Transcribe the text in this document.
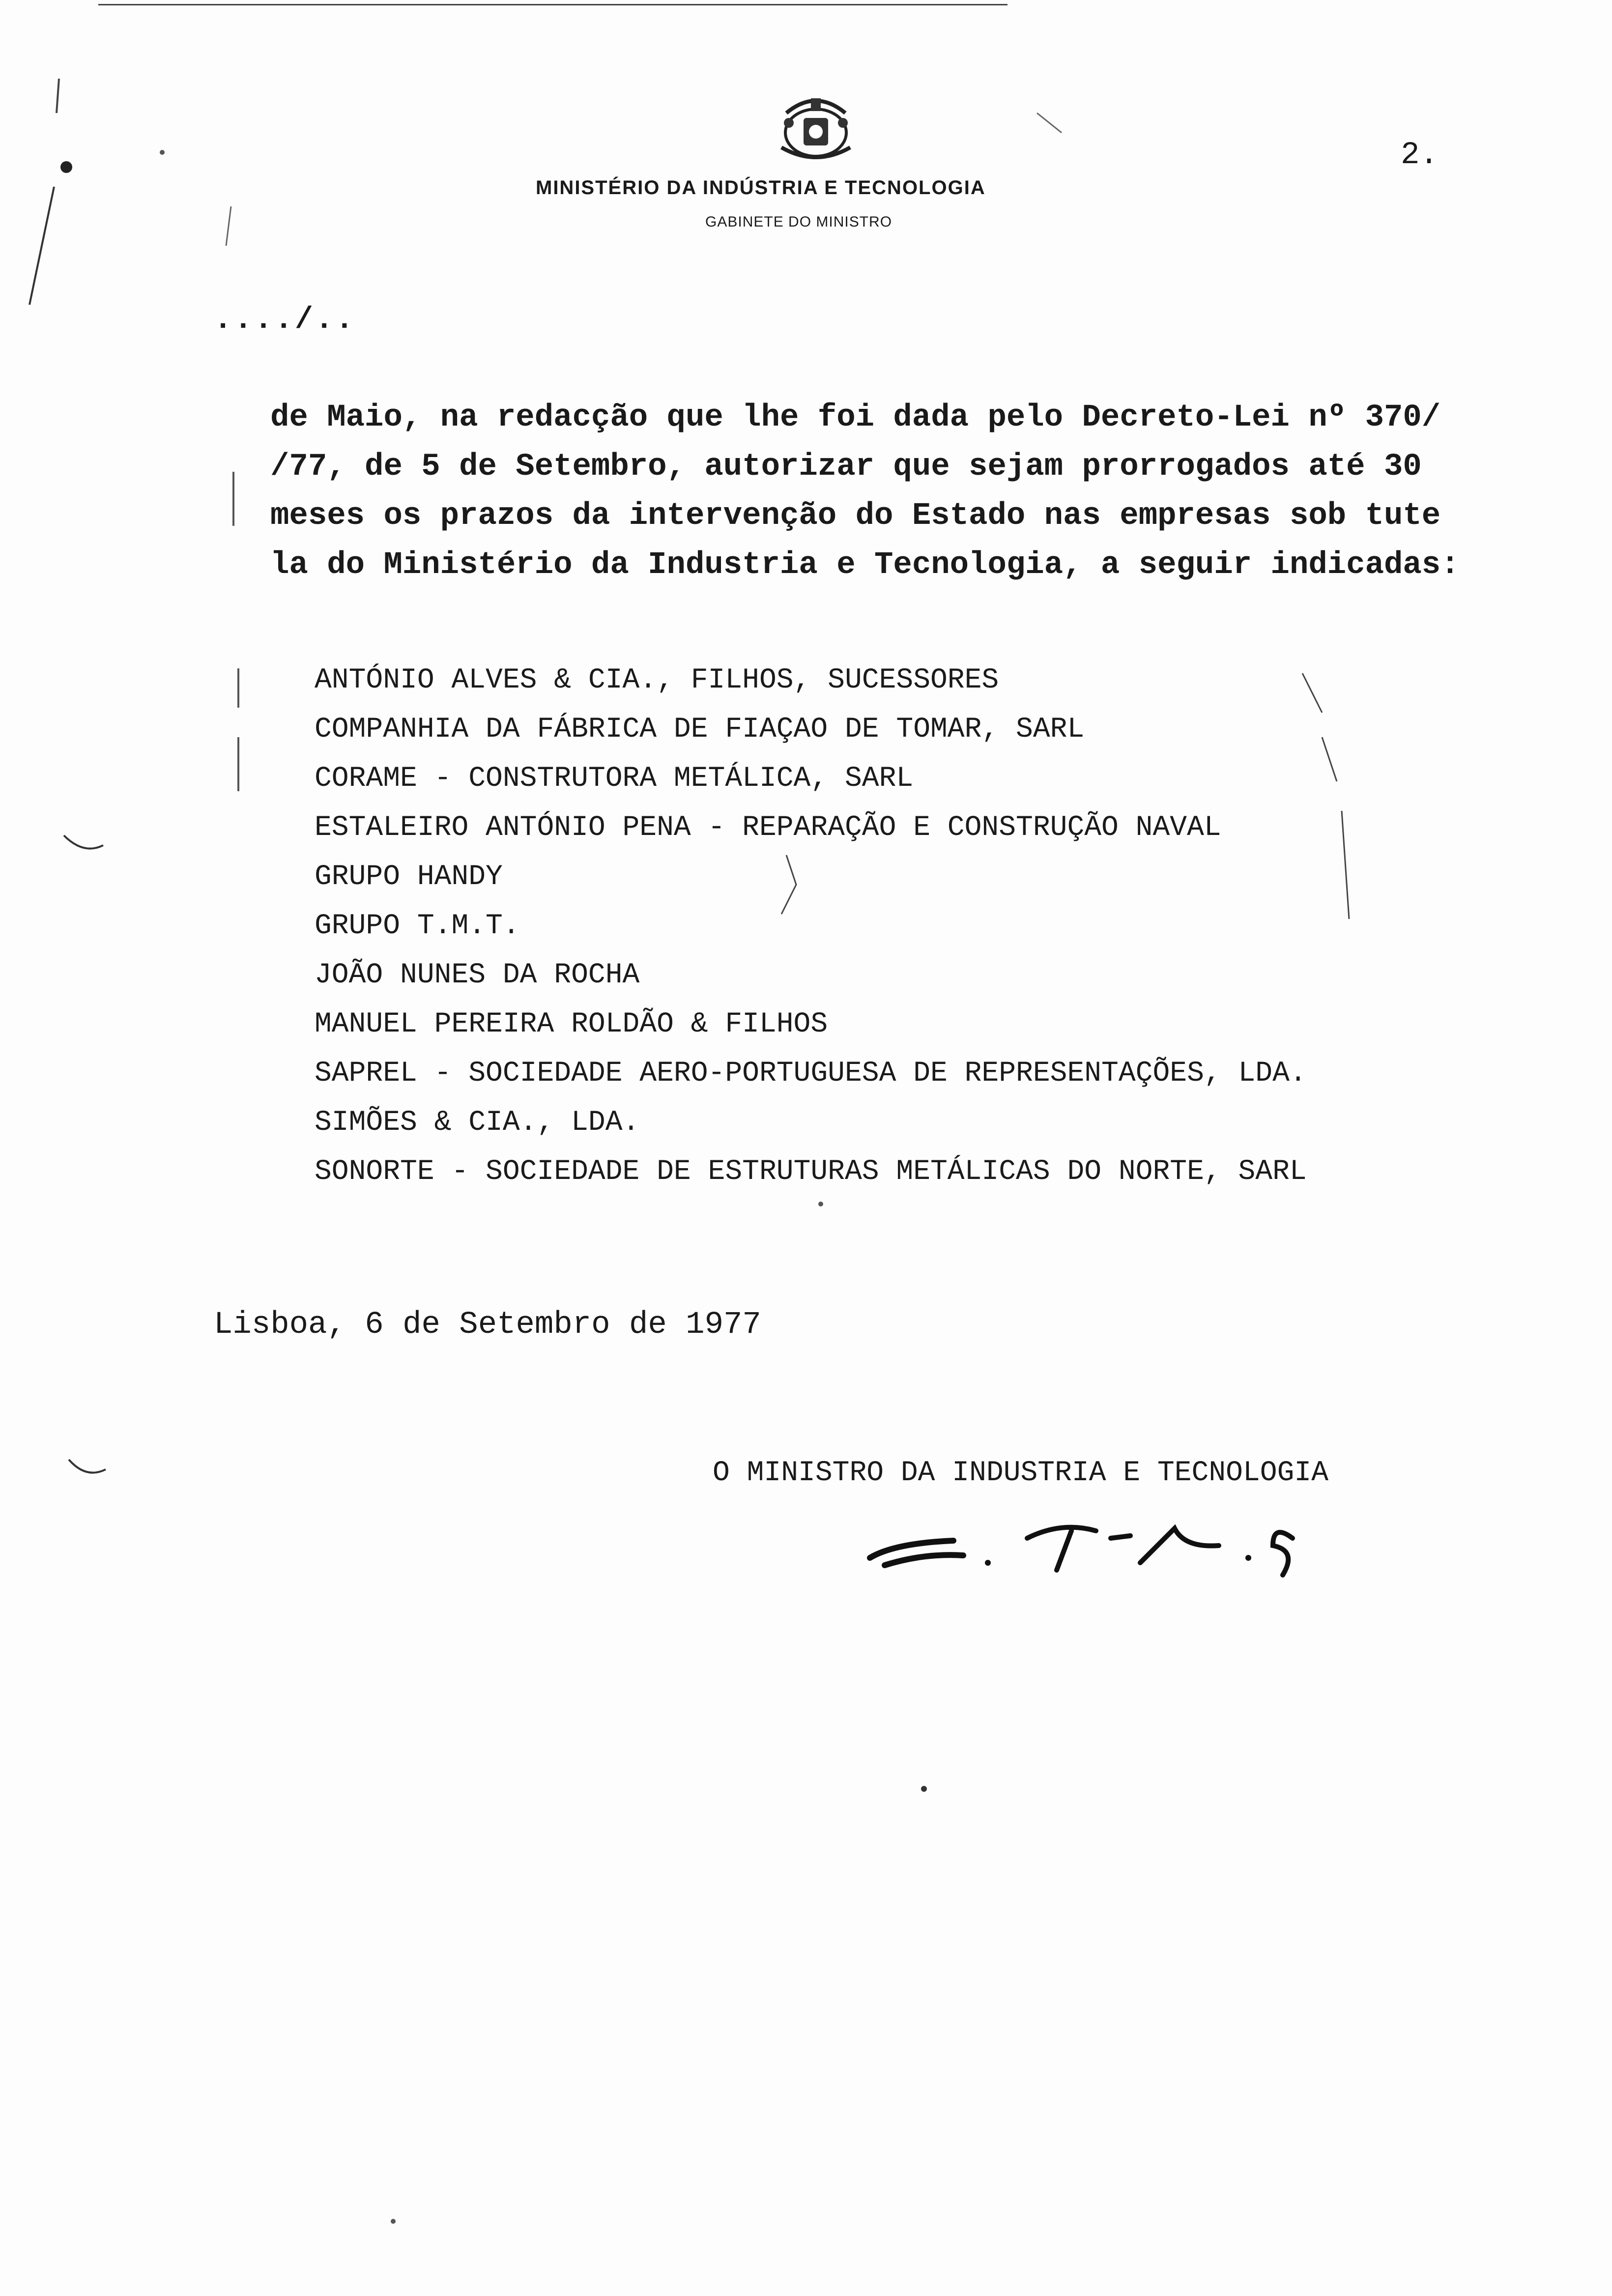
MINISTÉRIO DA INDÚSTRIA E TECNOLOGIA
GABINETE DO MINISTRO
2.
..../..
de Maio, na redacção que lhe foi dada pelo Decreto-Lei nº 370/
/77, de 5 de Setembro, autorizar que sejam prorrogados até 30
meses os prazos da intervenção do Estado nas empresas sob tute
la do Ministério da Industria e Tecnologia, a seguir indicadas:
ANTÓNIO ALVES & CIA., FILHOS, SUCESSORES
COMPANHIA DA FÁBRICA DE FIAÇAO DE TOMAR, SARL
CORAME - CONSTRUTORA METÁLICA, SARL
ESTALEIRO ANTÓNIO PENA - REPARAÇÃO E CONSTRUÇÃO NAVAL
GRUPO HANDY
GRUPO T.M.T.
JOÃO NUNES DA ROCHA
MANUEL PEREIRA ROLDÃO & FILHOS
SAPREL - SOCIEDADE AERO-PORTUGUESA DE REPRESENTAÇÕES, LDA.
SIMÕES & CIA., LDA.
SONORTE - SOCIEDADE DE ESTRUTURAS METÁLICAS DO NORTE, SARL
Lisboa, 6 de Setembro de 1977
O MINISTRO DA INDUSTRIA E TECNOLOGIA
